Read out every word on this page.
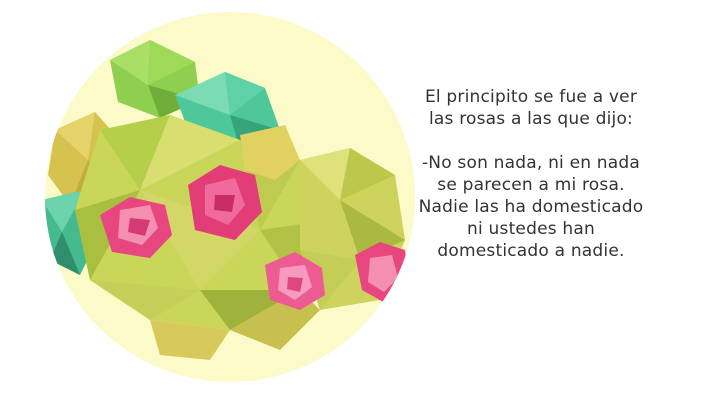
El principito se fue a ver las rosas a las que dijo:

-No son nada, ni en nada se parecen a mi rosa. Nadie las ha domesticado ni ustedes han domesticado a nadie.
